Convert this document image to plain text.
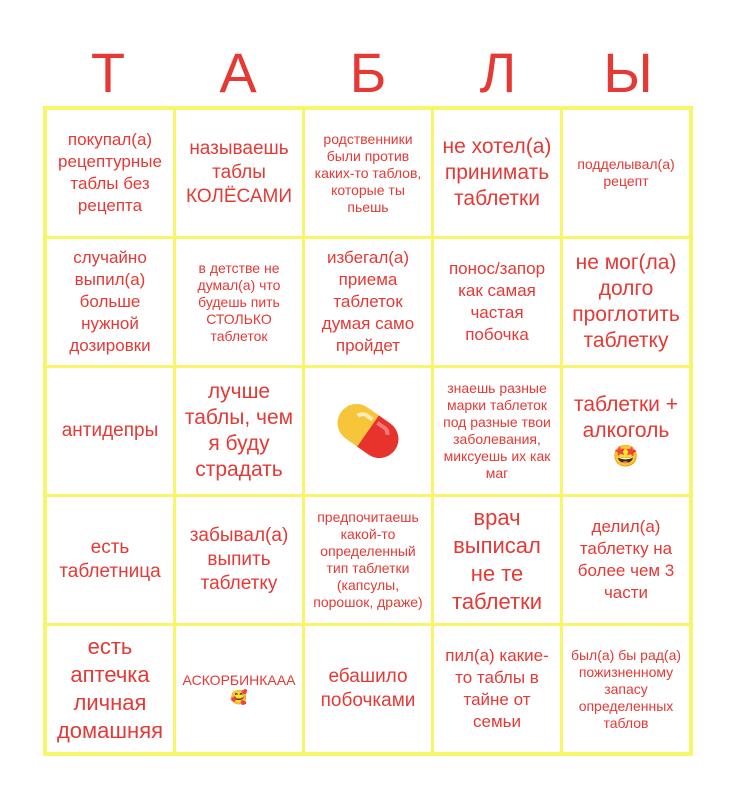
Т	А	Б	Л	Ы
покупал(а) рецептурные таблы без рецепта
называешь таблы КОЛЁСАМИ
родственники были против каких-то таблов, которые ты пьешь
не хотел(а) принимать таблетки
подделывал(а) рецепт
случайно выпил(а) больше нужной дозировки
в детстве не думал(а) что будешь пить СТОЛЬКО таблеток
избегал(а) приема таблеток думая само пройдет
понос/запор как самая частая побочка
не мог(ла) долго проглотить таблетку
антидепры
лучше таблы, чем я буду страдать
знаешь разные марки таблеток под разные твои заболевания, миксуешь их как маг
таблетки + алкоголь 🤩
есть таблетница
забывал(а) выпить таблетку
предпочитаешь какой-то определенный тип таблетки (капсулы, порошок, драже)
врач выписал не те таблетки
делил(а) таблетку на более чем 3 части
есть аптечка личная домашняя
АСКОРБИНКААА 🥰
ебашило побочками
пил(а) какие-то таблы в тайне от семьи
был(а) бы рад(а) пожизненному запасу определенных таблов
